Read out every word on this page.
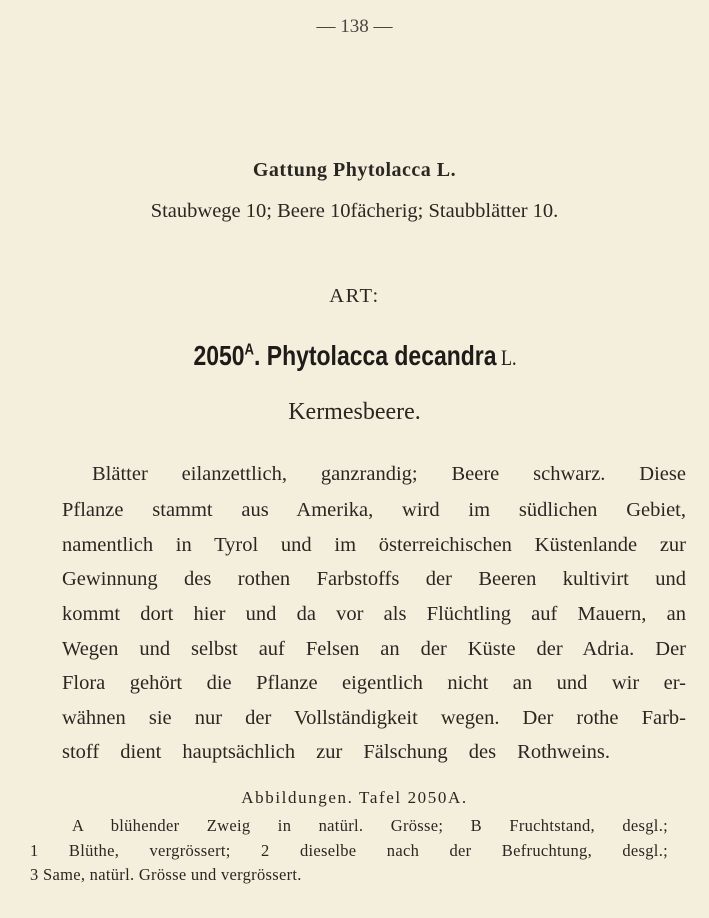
— 138 —
Gattung Phytolacca L.
Staubwege 10; Beere 10fächerig; Staubblätter 10.
ART:
$2050^A$. Phytolacca decandra L.
Kermesbeere.
Blätter eilanzettlich, ganzrandig; Beere schwarz. Diese
Pflanze stammt aus Amerika, wird im südlichen Gebiet,
namentlich in Tyrol und im österreichischen Küstenlande zur
Gewinnung des rothen Farbstoffs der Beeren kultivirt und
kommt dort hier und da vor als Flüchtling auf Mauern, an
Wegen und selbst auf Felsen an der Küste der Adria. Der
Flora gehört die Pflanze eigentlich nicht an und wir er-
wähnen sie nur der Vollständigkeit wegen. Der rothe Farb-
stoff dient hauptsächlich zur Fälschung des Rothweins.
Abbildungen. Tafel 2050A.
A blühender Zweig in natürl. Grösse; B Fruchtstand, desgl.;
1 Blüthe, vergrössert; 2 dieselbe nach der Befruchtung, desgl.;
3 Same, natürl. Grösse und vergrössert.
